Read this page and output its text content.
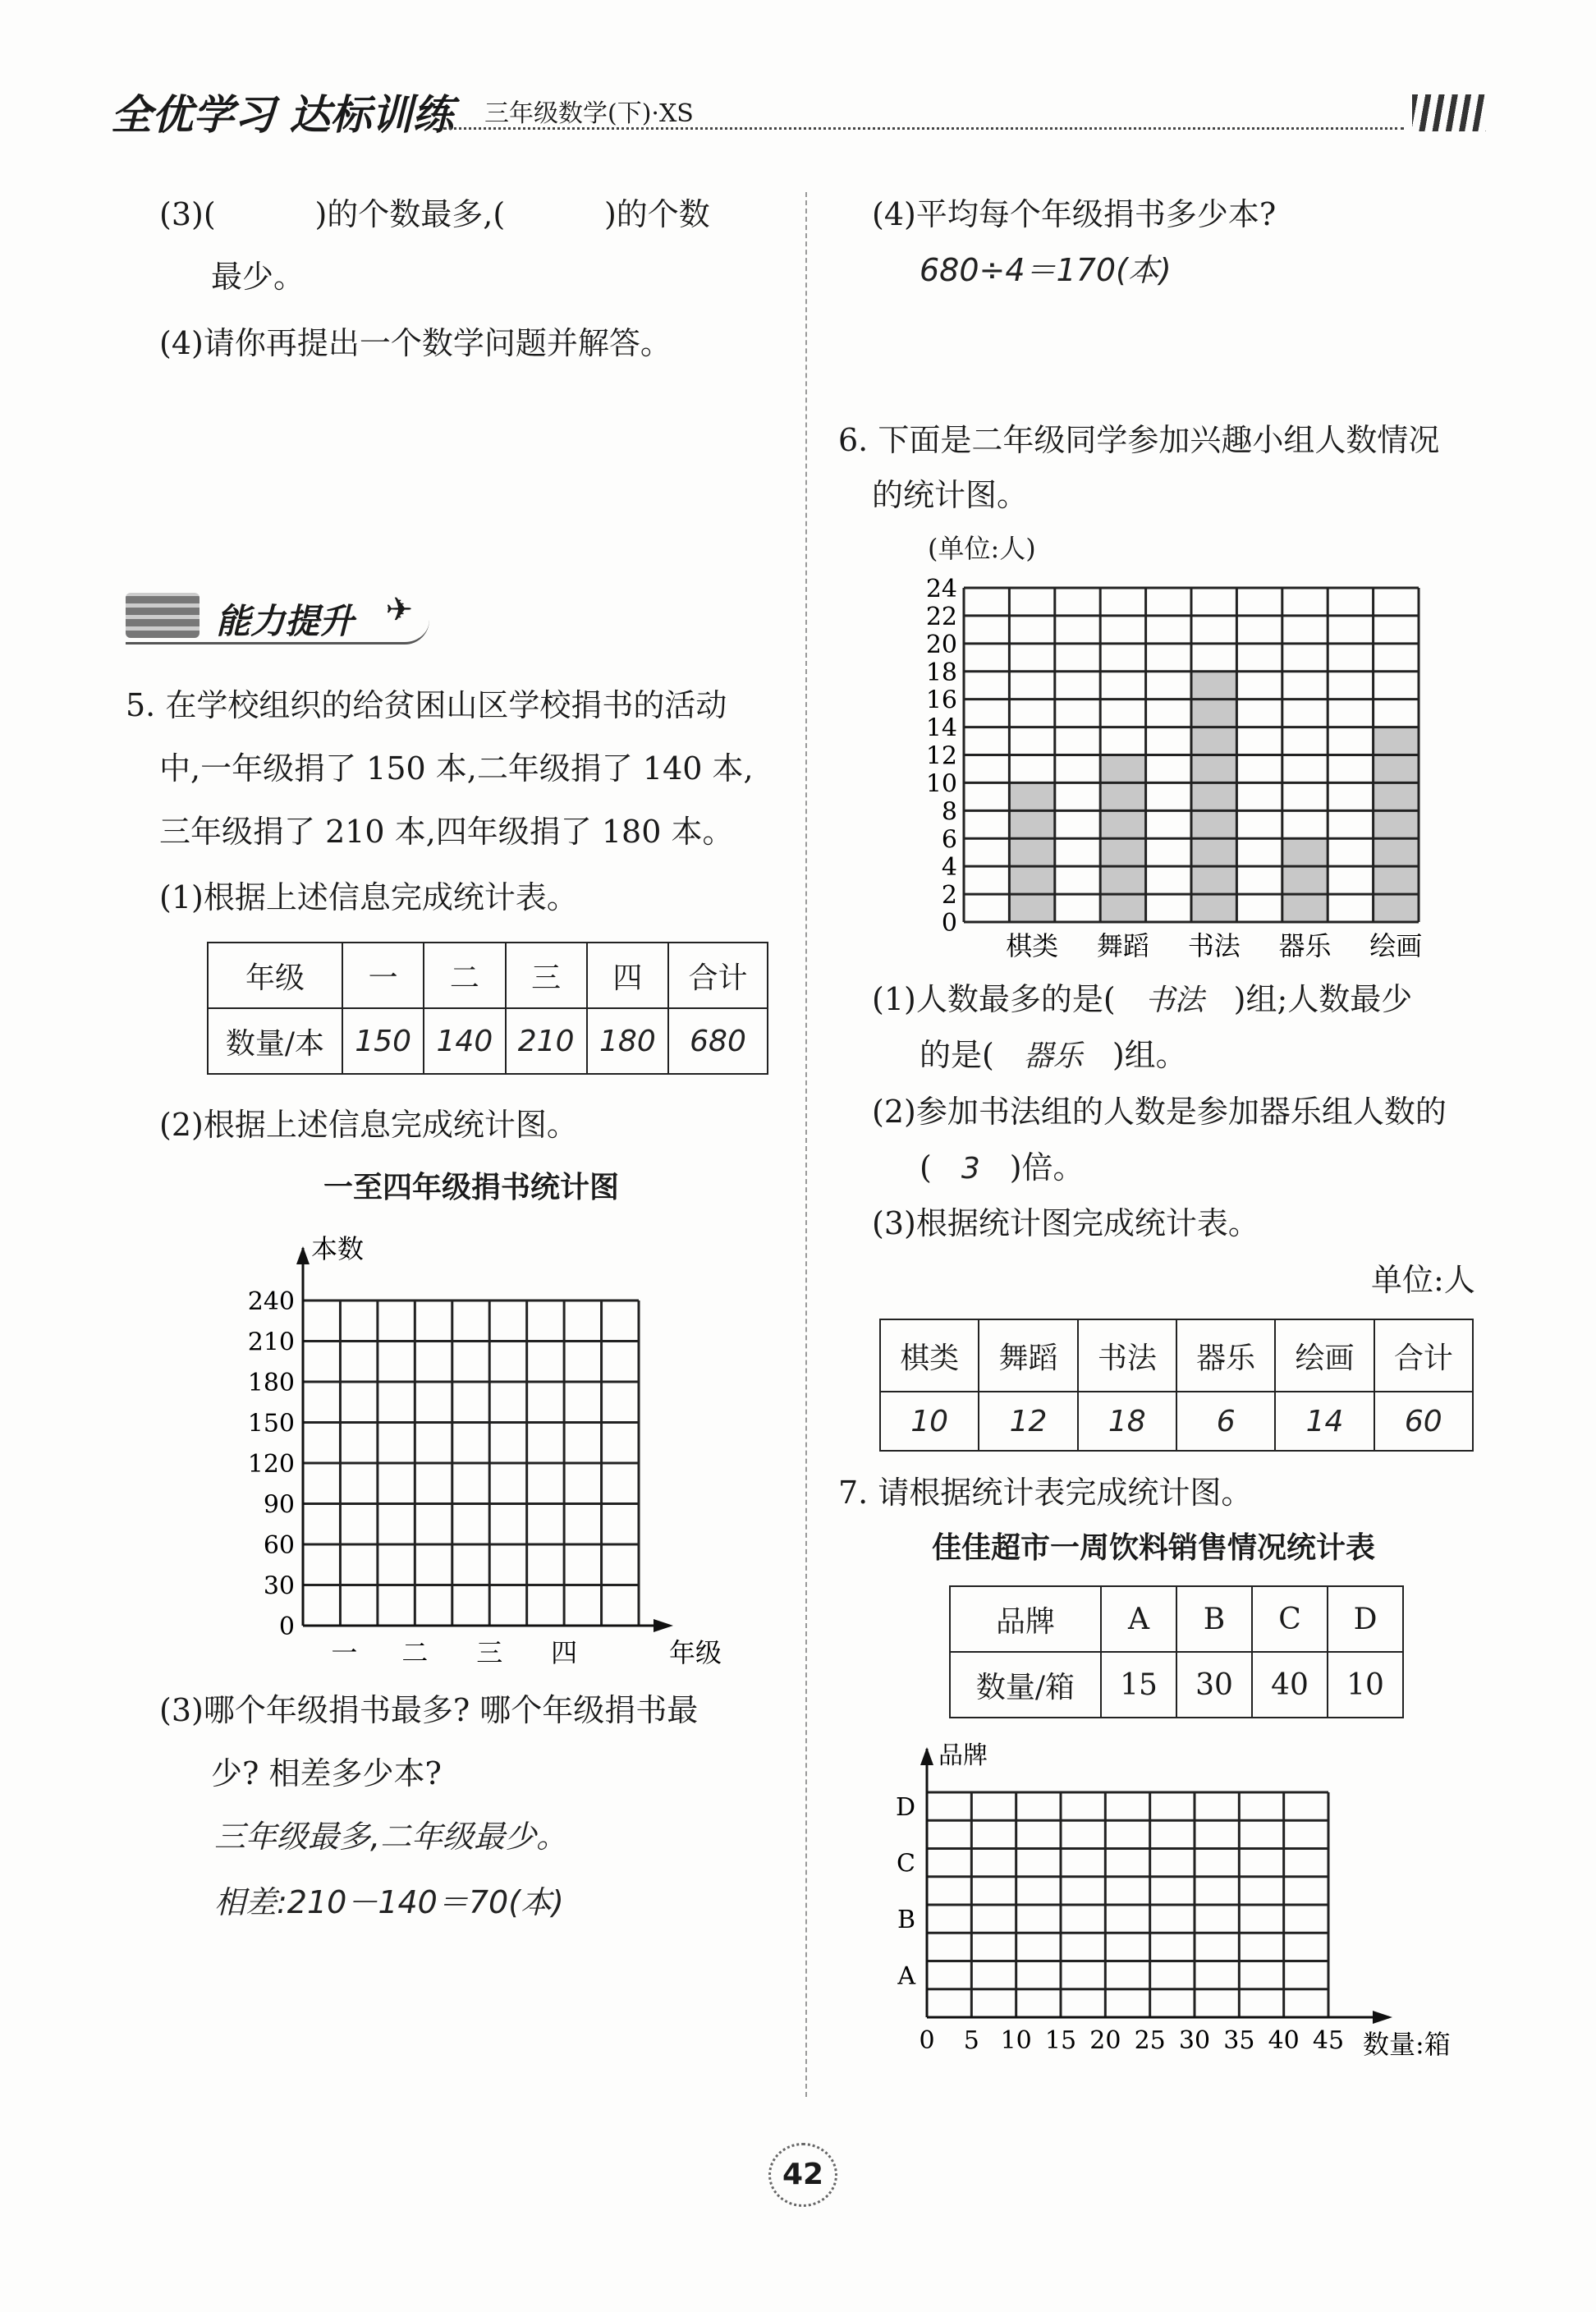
全优学习 达标训练 三年级数学(下)·XS
(3)(          )的个数最多,(          )的个数
最少。
(4)请你再提出一个数学问题并解答。
能力提升 ✈
5. 在学校组织的给贫困山区学校捐书的活动
中,一年级捐了 150 本,二年级捐了 140 本,
三年级捐了 210 本,四年级捐了 180 本。
(1)根据上述信息完成统计表。
年级	一	二	三	四	合计
数量/本	150	140	210	180	680
(2)根据上述信息完成统计图。
一至四年级捐书统计图
本数
0
30
60
90
120
150
180
210
240
一 二 三 四	年级
(3)哪个年级捐书最多? 哪个年级捐书最
少? 相差多少本?
三年级最多,二年级最少。
相差:210－140＝70(本)
(4)平均每个年级捐书多少本?
680÷4＝170(本)
6. 下面是二年级同学参加兴趣小组人数情况
的统计图。
(单位:人)
0
2
4
6
8
10
12
14
16
18
20
22
24
棋类 舞蹈 书法 器乐 绘画
(1)人数最多的是( 书法 )组;人数最少
的是( 器乐 )组。
(2)参加书法组的人数是参加器乐组人数的
( 3 )倍。
(3)根据统计图完成统计表。
单位:人
棋类	舞蹈	书法	器乐	绘画	合计
10	12	18	6	14	60
7. 请根据统计表完成统计图。
佳佳超市一周饮料销售情况统计表
品牌	A	B	C	D
数量/箱	15	30	40	10
品牌
A
B
C
D
0 5 10 15 20 25 30 35 40 45 数量:箱
42
